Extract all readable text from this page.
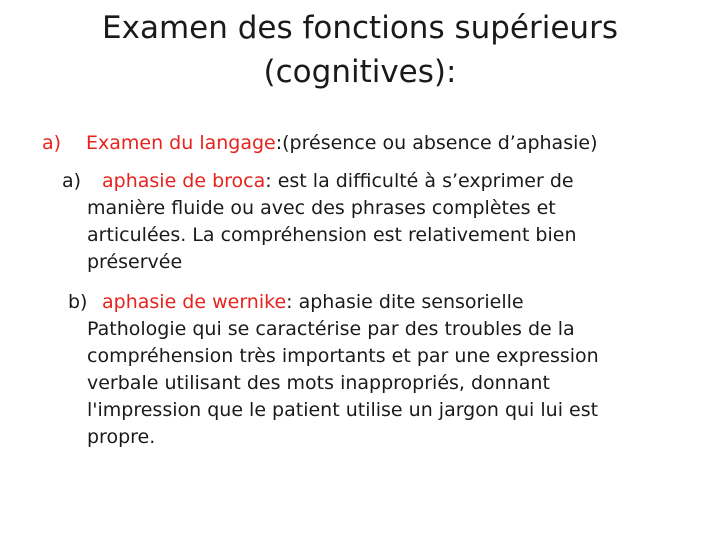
Examen des fonctions supérieurs
(cognitives):
a) Examen du langage:(présence ou absence d’aphasie)
a) aphasie de broca: est la difficulté à s’exprimer de
manière fluide ou avec des phrases complètes et
articulées. La compréhension est relativement bien
préservée
b) aphasie de wernike: aphasie dite sensorielle
Pathologie qui se caractérise par des troubles de la
compréhension très importants et par une expression
verbale utilisant des mots inappropriés, donnant
l'impression que le patient utilise un jargon qui lui est
propre.
